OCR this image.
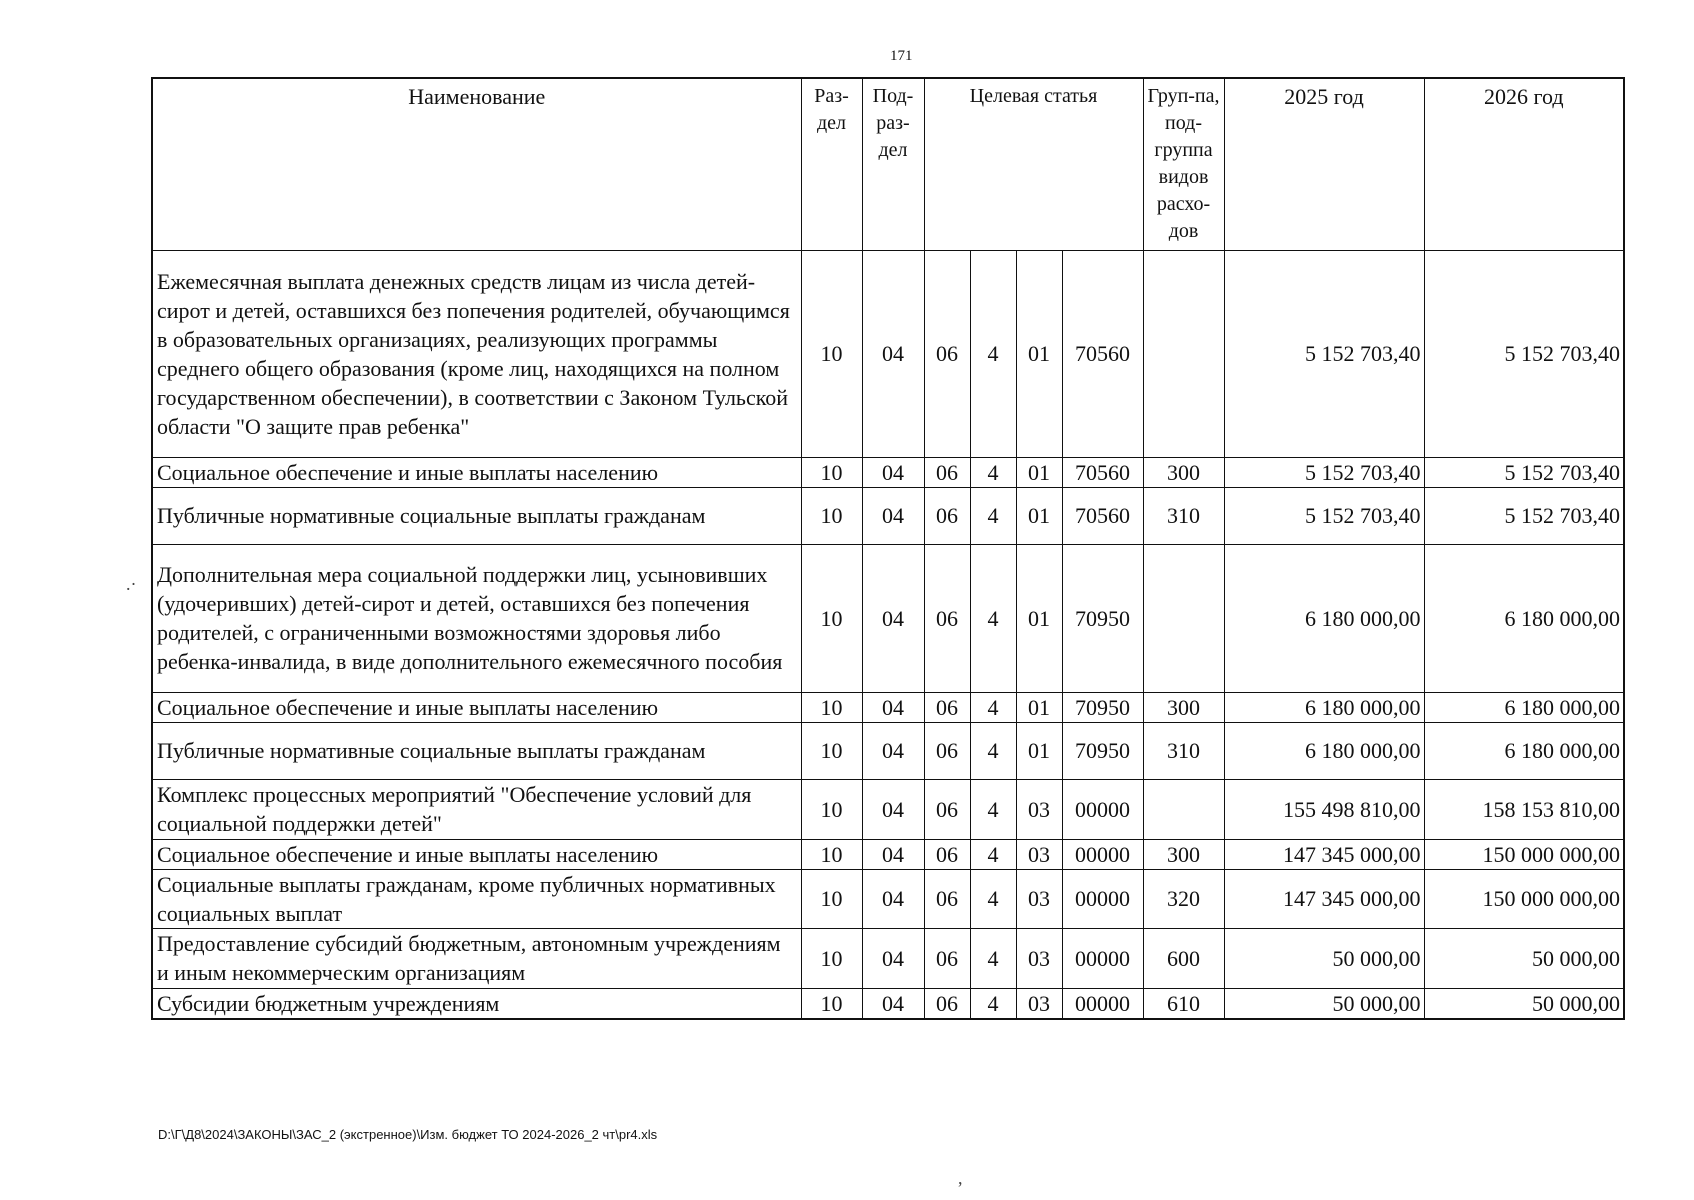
171
Наименование	Раз-дел	Под-раз-дел	Целевая статья				Груп-па, под-группа видов расхо-дов	2025 год	2026 год
Ежемесячная выплата денежных средств лицам из числа детей-сирот и детей, оставшихся без попечения родителей, обучающимся в образовательных организациях, реализующих программы среднего общего образования (кроме лиц, находящихся на полном государственном обеспечении), в соответствии с Законом Тульской области "О защите прав ребенка"	10	04	06	4	01	70560		5 152 703,40	5 152 703,40
Социальное обеспечение и иные выплаты населению	10	04	06	4	01	70560	300	5 152 703,40	5 152 703,40
Публичные нормативные социальные выплаты гражданам	10	04	06	4	01	70560	310	5 152 703,40	5 152 703,40
Дополнительная мера социальной поддержки лиц, усыновивших (удочеривших) детей-сирот и детей, оставшихся без попечения родителей, с ограниченными возможностями здоровья либо ребенка-инвалида, в виде дополнительного ежемесячного пособия	10	04	06	4	01	70950		6 180 000,00	6 180 000,00
Социальное обеспечение и иные выплаты населению	10	04	06	4	01	70950	300	6 180 000,00	6 180 000,00
Публичные нормативные социальные выплаты гражданам	10	04	06	4	01	70950	310	6 180 000,00	6 180 000,00
Комплекс процессных мероприятий "Обеспечение условий для социальной поддержки детей"	10	04	06	4	03	00000		155 498 810,00	158 153 810,00
Социальное обеспечение и иные выплаты населению	10	04	06	4	03	00000	300	147 345 000,00	150 000 000,00
Социальные выплаты гражданам, кроме публичных нормативных социальных выплат	10	04	06	4	03	00000	320	147 345 000,00	150 000 000,00
Предоставление субсидий бюджетным, автономным учреждениям и иным некоммерческим организациям	10	04	06	4	03	00000	600	50 000,00	50 000,00
Субсидии бюджетным учреждениям	10	04	06	4	03	00000	610	50 000,00	50 000,00
.·
,
D:\Г\Д8\2024\ЗАКОНЫ\ЗАС_2 (экстренное)\Изм. бюджет ТО 2024-2026_2 чт\pr4.xls
